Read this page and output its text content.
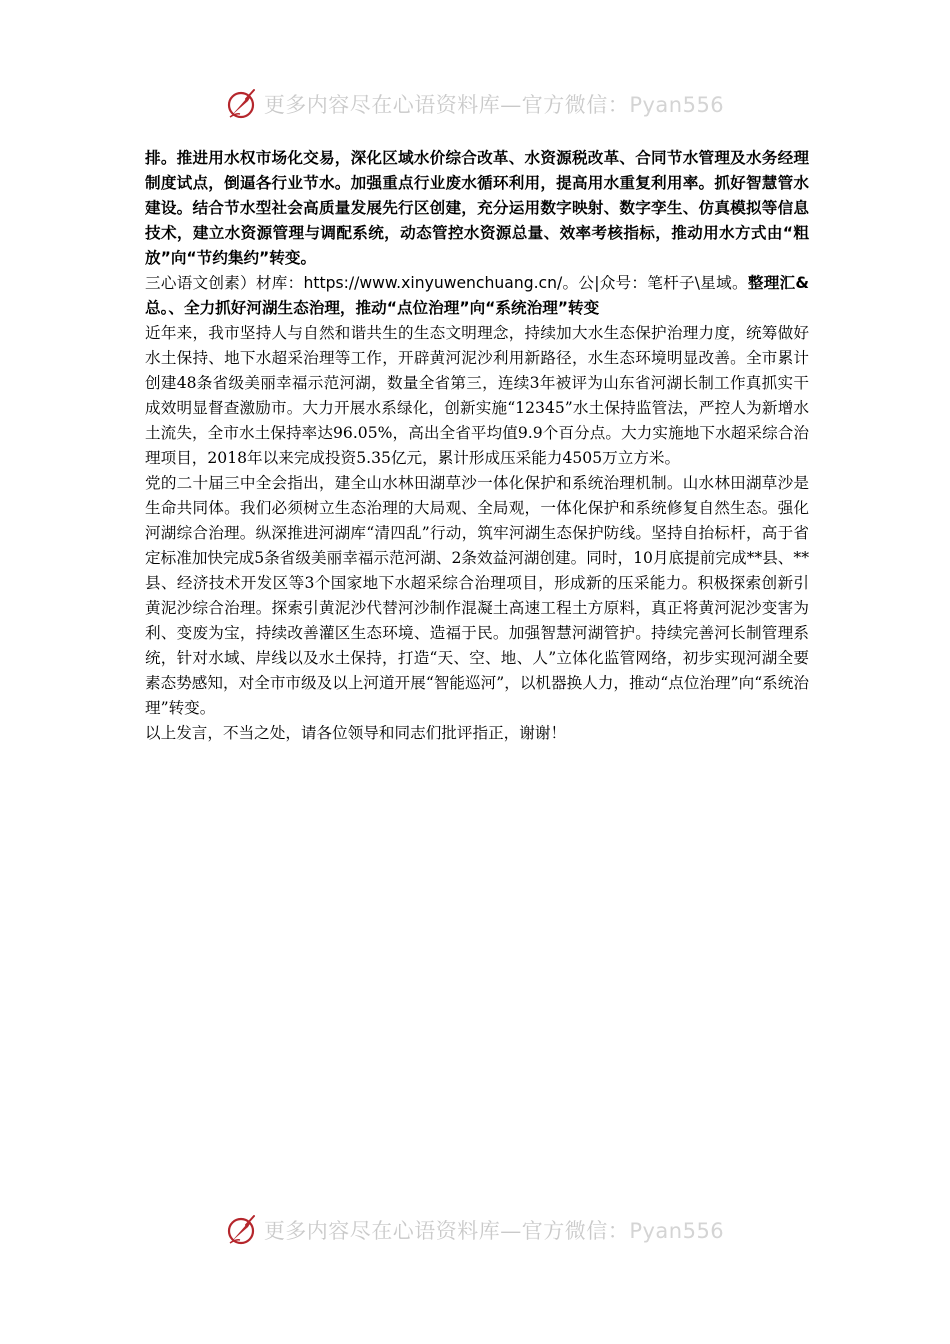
更多内容尽在心语资料库—官方微信：Pyan556

排。推进用水权市场化交易，深化区域水价综合改革、水资源税改革、合同节水管理及水务经理制度试点，倒逼各行业节水。加强重点行业废水循环利用，提高用水重复利用率。抓好智慧管水建设。结合节水型社会高质量发展先行区创建，充分运用数字映射、数字孪生、仿真模拟等信息技术，建立水资源管理与调配系统，动态管控水资源总量、效率考核指标，推动用水方式由“粗放”向“节约集约”转变。

三心语文创素）材库：https://www.xinyuwenchuang.cn/。公|众号：笔杆子\星域。整理汇&总。、全力抓好河湖生态治理，推动“点位治理”向“系统治理”转变

近年来，我市坚持人与自然和谐共生的生态文明理念，持续加大水生态保护治理力度，统筹做好水土保持、地下水超采治理等工作，开辟黄河泥沙利用新路径，水生态环境明显改善。全市累计创建48条省级美丽幸福示范河湖，数量全省第三，连续3年被评为山东省河湖长制工作真抓实干成效明显督查激励市。大力开展水系绿化，创新实施“12345”水土保持监管法，严控人为新增水土流失，全市水土保持率达96.05%，高出全省平均值9.9个百分点。大力实施地下水超采综合治理项目，2018年以来完成投资5.35亿元，累计形成压采能力4505万立方米。

党的二十届三中全会指出，建全山水林田湖草沙一体化保护和系统治理机制。山水林田湖草沙是生命共同体。我们必须树立生态治理的大局观、全局观，一体化保护和系统修复自然生态。强化河湖综合治理。纵深推进河湖库“清四乱”行动，筑牢河湖生态保护防线。坚持自抬标杆，高于省定标准加快完成5条省级美丽幸福示范河湖、2条效益河湖创建。同时，10月底提前完成**县、**县、经济技术开发区等3个国家地下水超采综合治理项目，形成新的压采能力。积极探索创新引黄泥沙综合治理。探索引黄泥沙代替河沙制作混凝土高速工程土方原料，真正将黄河泥沙变害为利、变废为宝，持续改善灌区生态环境、造福于民。加强智慧河湖管护。持续完善河长制管理系统，针对水域、岸线以及水土保持，打造“天、空、地、人”立体化监管网络，初步实现河湖全要素态势感知，对全市市级及以上河道开展“智能巡河”，以机器换人力，推动“点位治理”向“系统治理”转变。

以上发言，不当之处，请各位领导和同志们批评指正，谢谢！

更多内容尽在心语资料库—官方微信：Pyan556
